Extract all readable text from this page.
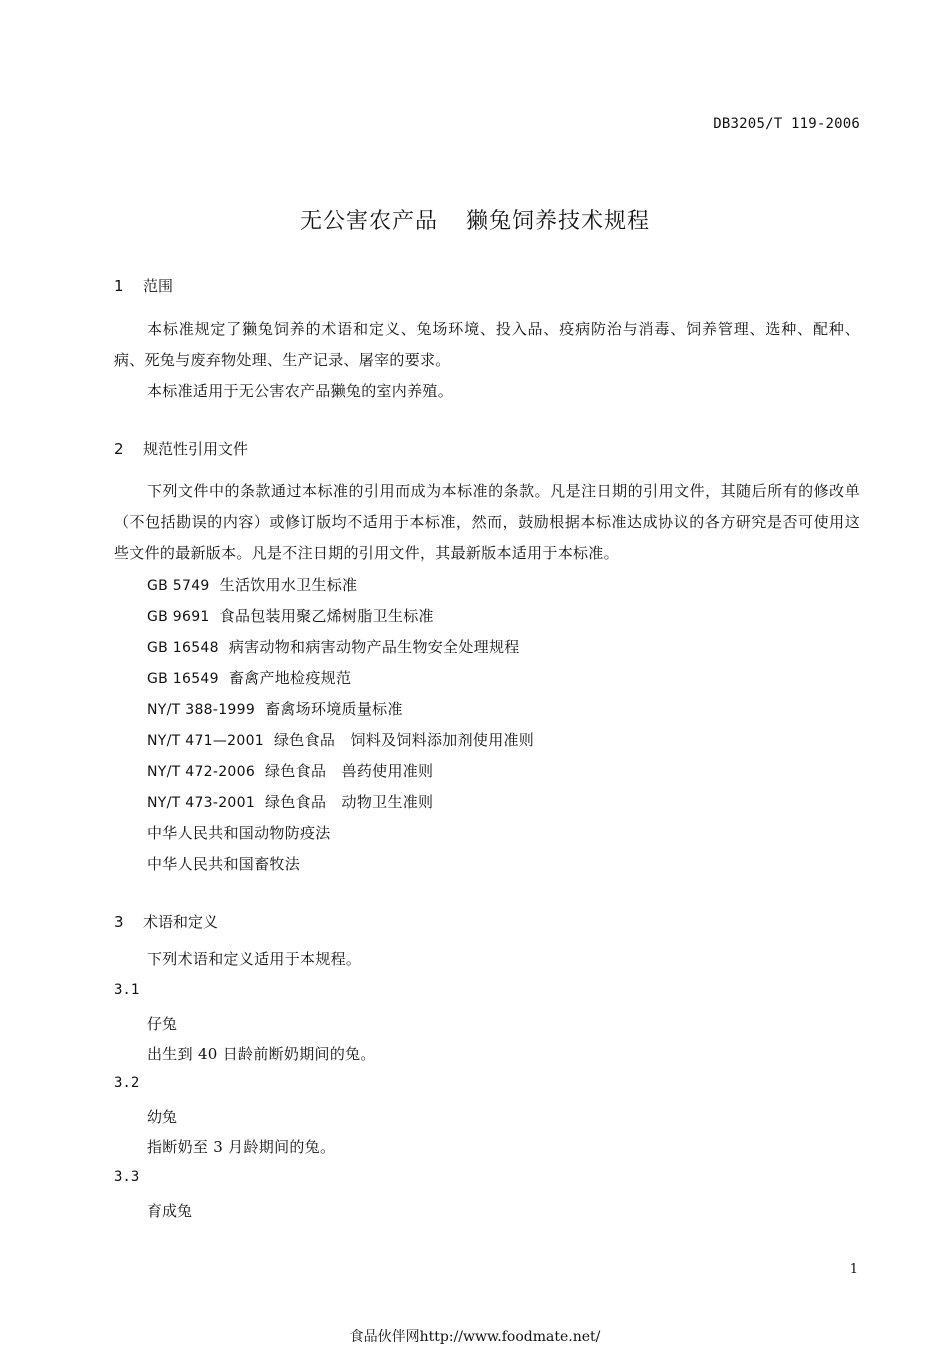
DB3205/T 119-2006
无公害农产品 獭兔饲养技术规程
1 范围
本标准规定了獭兔饲养的术语和定义、兔场环境、投入品、疫病防治与消毒、饲养管理、选种、配种、病、死兔与废弃物处理、生产记录、屠宰的要求。
本标准适用于无公害农产品獭兔的室内养殖。
2 规范性引用文件
下列文件中的条款通过本标准的引用而成为本标准的条款。凡是注日期的引用文件，其随后所有的修改单（不包括勘误的内容）或修订版均不适用于本标准，然而，鼓励根据本标准达成协议的各方研究是否可使用这些文件的最新版本。凡是不注日期的引用文件，其最新版本适用于本标准。
GB 5749 生活饮用水卫生标准
GB 9691 食品包装用聚乙烯树脂卫生标准
GB 16548 病害动物和病害动物产品生物安全处理规程
GB 16549 畜禽产地检疫规范
NY/T 388-1999 畜禽场环境质量标准
NY/T 471—2001 绿色食品　饲料及饲料添加剂使用准则
NY/T 472-2006 绿色食品　兽药使用准则
NY/T 473-2001 绿色食品　动物卫生准则
中华人民共和国动物防疫法
中华人民共和国畜牧法
3 术语和定义
下列术语和定义适用于本规程。
3.1
仔兔
出生到 40 日龄前断奶期间的兔。
3.2
幼兔
指断奶至 3 月龄期间的兔。
3.3
育成兔
1
食品伙伴网http://www.foodmate.net/
